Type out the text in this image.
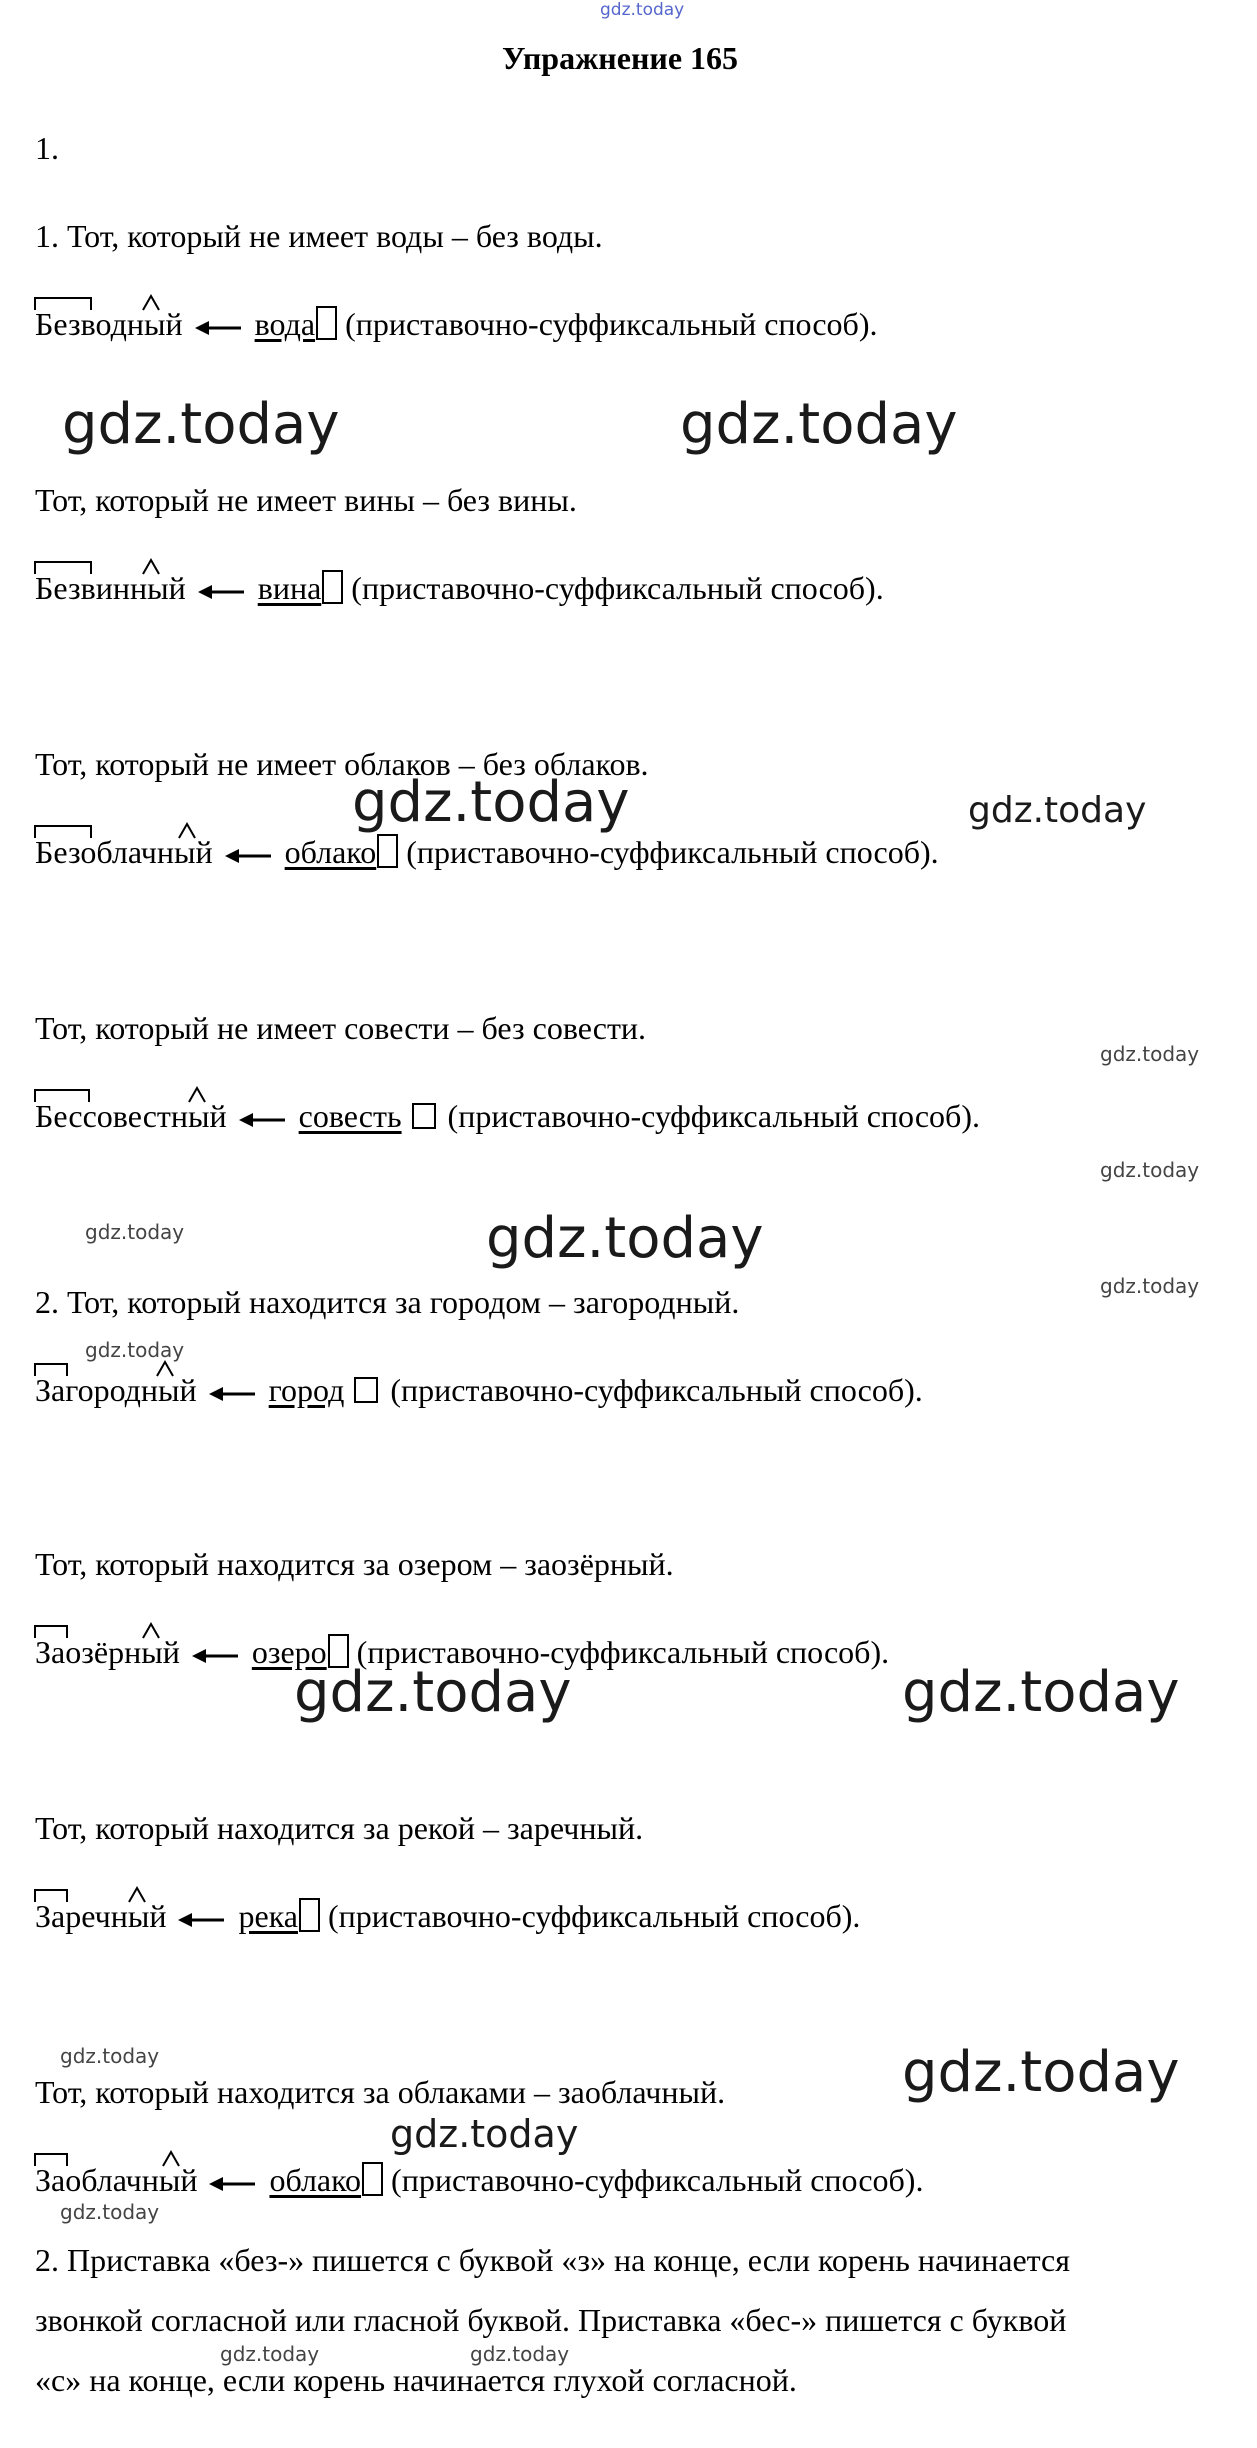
gdz.today
Упражнение 165
1.
1. Тот, который не имеет воды – без воды.
Безводный вода (приставочно-суффиксальный способ).
gdz.today	gdz.today
Тот, который не имеет вины – без вины.
Безвинный вина (приставочно-суффиксальный способ).
Тот, который не имеет облаков – без облаков.
gdz.today	gdz.today
Безоблачный облако (приставочно-суффиксальный способ).
Тот, который не имеет совести – без совести.
gdz.today
Бессовестный совесть (приставочно-суффиксальный способ).
gdz.today
gdz.today	gdz.today
gdz.today
2. Тот, который находится за городом – загородный.
gdz.today
Загородный город (приставочно-суффиксальный способ).
Тот, который находится за озером – заозёрный.
Заозёрный озеро (приставочно-суффиксальный способ).
gdz.today	gdz.today
Тот, который находится за рекой – заречный.
Заречный река (приставочно-суффиксальный способ).
gdz.today	gdz.today
Тот, который находится за облаками – заоблачный.
gdz.today
Заоблачный облако (приставочно-суффиксальный способ).
gdz.today
2. Приставка «без-» пишется с буквой «з» на конце, если корень начинается
звонкой согласной или гласной буквой. Приставка «бес-» пишется с буквой
gdz.today	gdz.today
«с» на конце, если корень начинается глухой согласной.
